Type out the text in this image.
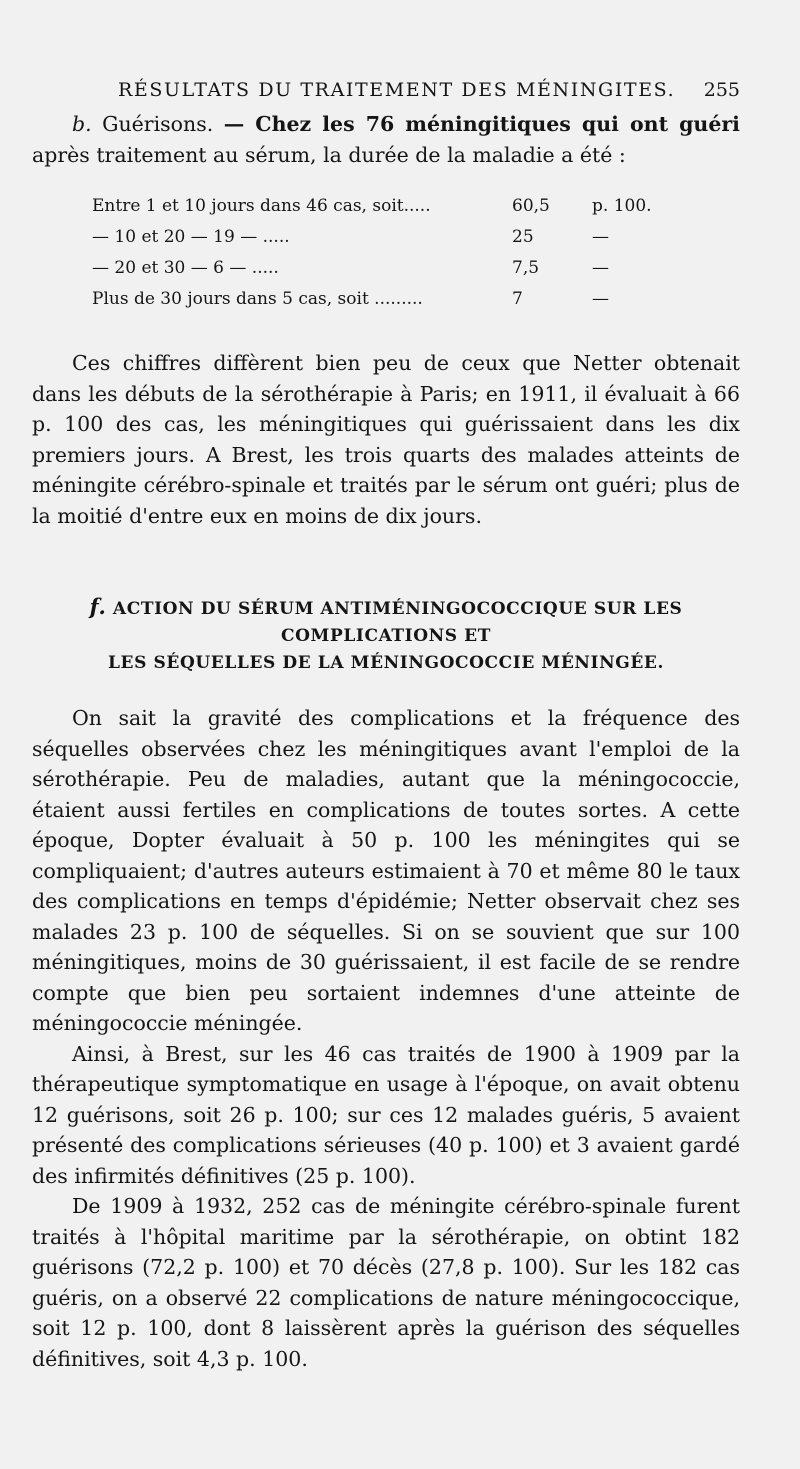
RÉSULTATS DU TRAITEMENT DES MÉNINGITES. 255

b. Guérisons. — Chez les 76 méningitiques qui ont guéri après traitement au sérum, la durée de la maladie a été :

Entre 1 et 10 jours dans 46 cas, soit.....	60,5	p. 100.
— 10 et 20 — 19 — .....	25	—
— 20 et 30 — 6 — .....	7,5	—
Plus de 30 jours dans 5 cas, soit .........	7	—

Ces chiffres diffèrent bien peu de ceux que Netter obtenait dans les débuts de la sérothérapie à Paris; en 1911, il évaluait à 66 p. 100 des cas, les méningitiques qui guérissaient dans les dix premiers jours. A Brest, les trois quarts des malades atteints de méningite cérébro-spinale et traités par le sérum ont guéri; plus de la moitié d'entre eux en moins de dix jours.

f. ACTION DU SÉRUM ANTIMÉNINGOCOCCIQUE SUR LES COMPLICATIONS ET
LES SÉQUELLES DE LA MÉNINGOCOCCIE MÉNINGÉE.

On sait la gravité des complications et la fréquence des séquelles observées chez les méningitiques avant l'emploi de la sérothérapie. Peu de maladies, autant que la méningococcie, étaient aussi fertiles en complications de toutes sortes. A cette époque, Dopter évaluait à 50 p. 100 les méningites qui se compliquaient; d'autres auteurs estimaient à 70 et même 80 le taux des complications en temps d'épidémie; Netter observait chez ses malades 23 p. 100 de séquelles. Si on se souvient que sur 100 méningitiques, moins de 30 guérissaient, il est facile de se rendre compte que bien peu sortaient indemnes d'une atteinte de méningococcie méningée.

Ainsi, à Brest, sur les 46 cas traités de 1900 à 1909 par la thérapeutique symptomatique en usage à l'époque, on avait obtenu 12 guérisons, soit 26 p. 100; sur ces 12 malades guéris, 5 avaient présenté des complications sérieuses (40 p. 100) et 3 avaient gardé des infirmités définitives (25 p. 100).

De 1909 à 1932, 252 cas de méningite cérébro-spinale furent traités à l'hôpital maritime par la sérothérapie, on obtint 182 guérisons (72,2 p. 100) et 70 décès (27,8 p. 100). Sur les 182 cas guéris, on a observé 22 complications de nature méningococcique, soit 12 p. 100, dont 8 laissèrent après la guérison des séquelles définitives, soit 4,3 p. 100.
